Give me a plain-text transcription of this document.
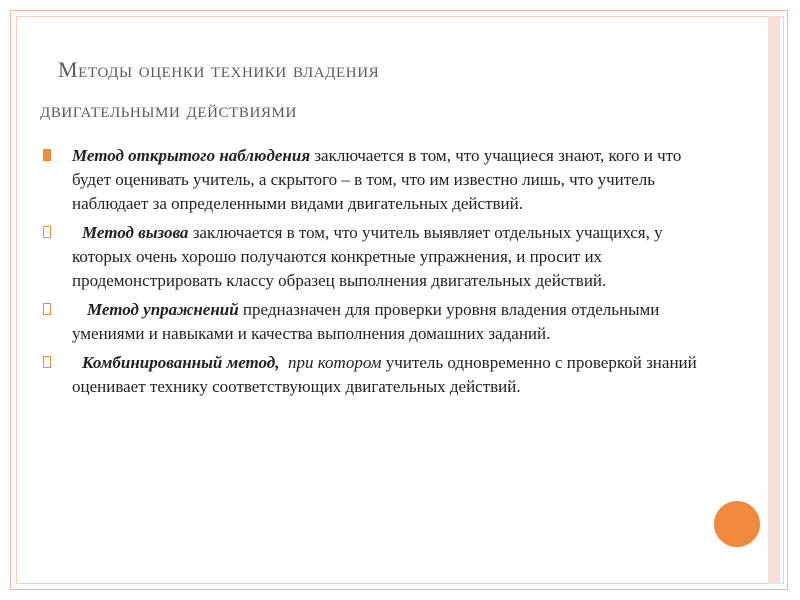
Методы оценки техники владения
двигательными действиями
Метод открытого наблюдения заключается в том, что учащиеся знают, кого и что будет оценивать учитель, а скрытого – в том, что им известно лишь, что учитель наблюдает за определенными видами двигательных действий.
Метод вызова заключается в том, что учитель выявляет отдельных учащихся, у которых очень хорошо получаются конкретные упражнения, и просит их продемонстрировать классу образец выполнения двигательных действий.
Метод упражнений предназначен для проверки уровня владения отдельными умениями и навыками и качества выполнения домашних заданий.
Комбинированный метод, при котором учитель одновременно с проверкой знаний оценивает технику соответствующих двигательных действий.
